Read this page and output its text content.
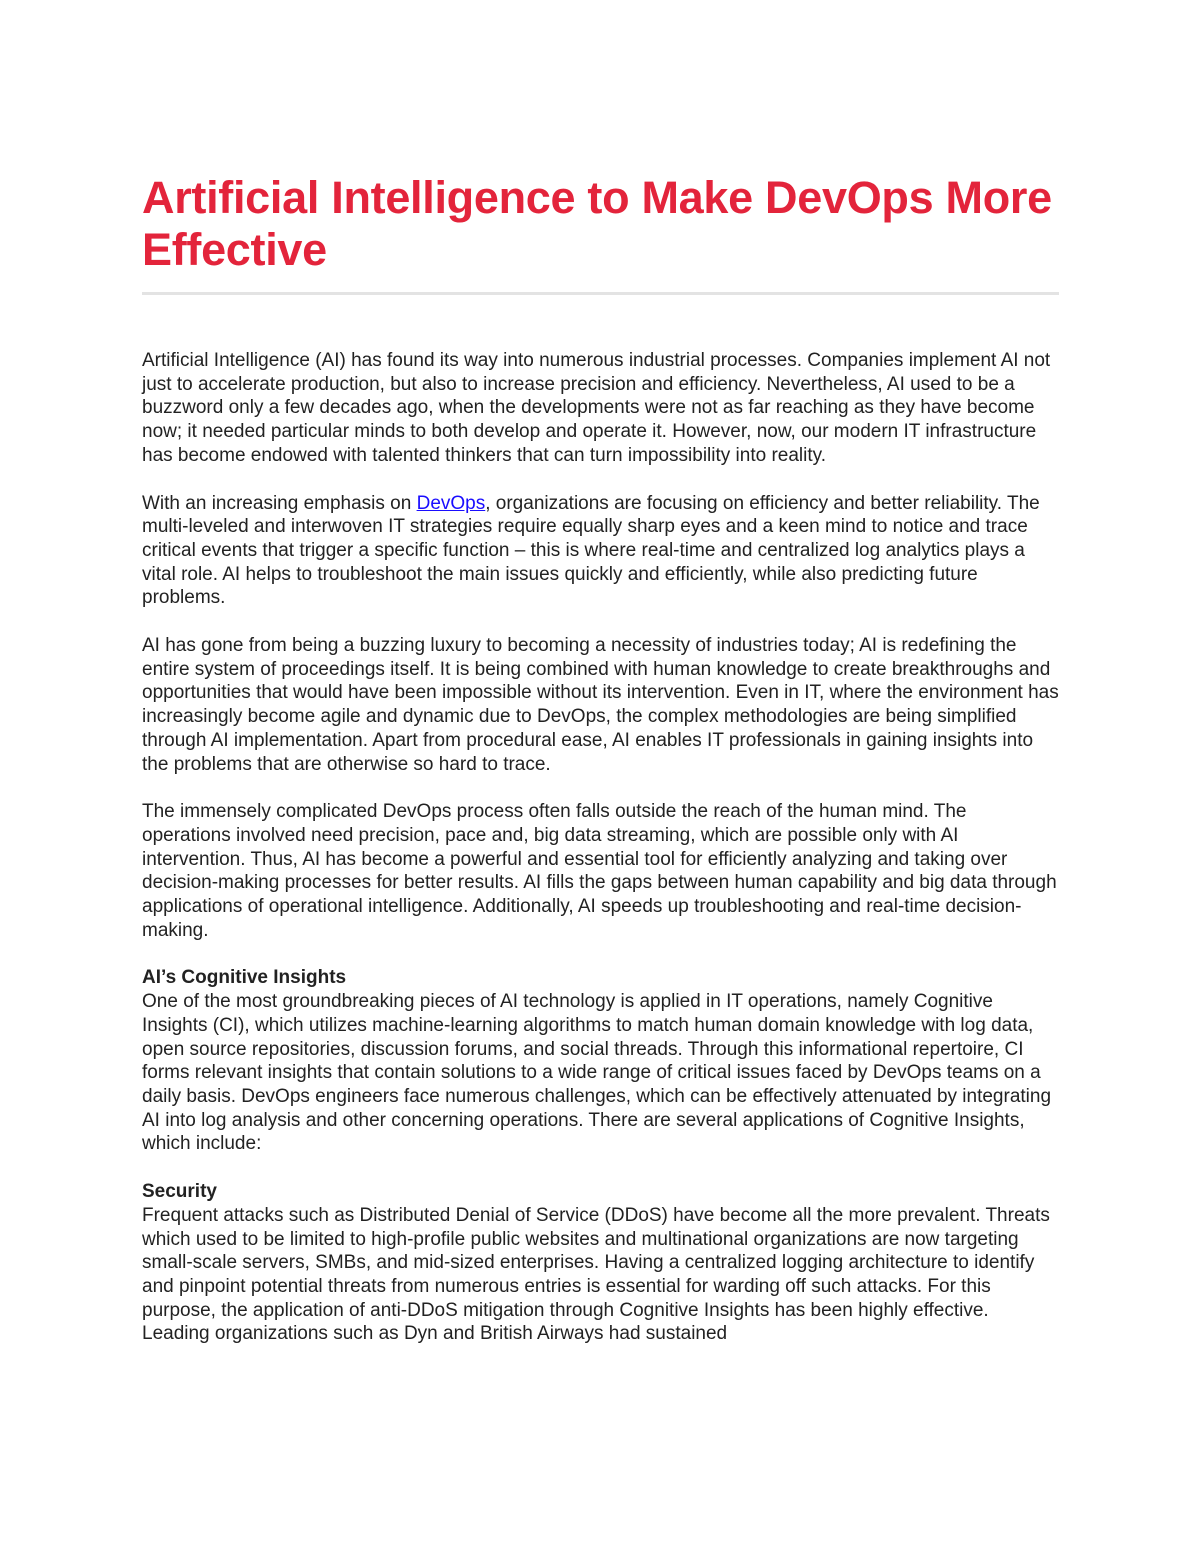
Artificial Intelligence to Make DevOps More Effective

Artificial Intelligence (AI) has found its way into numerous industrial processes. Companies implement AI not just to accelerate production, but also to increase precision and efficiency. Nevertheless, AI used to be a buzzword only a few decades ago, when the developments were not as far reaching as they have become now; it needed particular minds to both develop and operate it. However, now, our modern IT infrastructure has become endowed with talented thinkers that can turn impossibility into reality.

With an increasing emphasis on DevOps, organizations are focusing on efficiency and better reliability. The multi-leveled and interwoven IT strategies require equally sharp eyes and a keen mind to notice and trace critical events that trigger a specific function – this is where real-time and centralized log analytics plays a vital role. AI helps to troubleshoot the main issues quickly and efficiently, while also predicting future problems.

AI has gone from being a buzzing luxury to becoming a necessity of industries today; AI is redefining the entire system of proceedings itself. It is being combined with human knowledge to create breakthroughs and opportunities that would have been impossible without its intervention. Even in IT, where the environment has increasingly become agile and dynamic due to DevOps, the complex methodologies are being simplified through AI implementation. Apart from procedural ease, AI enables IT professionals in gaining insights into the problems that are otherwise so hard to trace.

The immensely complicated DevOps process often falls outside the reach of the human mind. The operations involved need precision, pace and, big data streaming, which are possible only with AI intervention. Thus, AI has become a powerful and essential tool for efficiently analyzing and taking over decision-making processes for better results. AI fills the gaps between human capability and big data through applications of operational intelligence. Additionally, AI speeds up troubleshooting and real-time decision-making.

AI’s Cognitive Insights

One of the most groundbreaking pieces of AI technology is applied in IT operations, namely Cognitive Insights (CI), which utilizes machine-learning algorithms to match human domain knowledge with log data, open source repositories, discussion forums, and social threads. Through this informational repertoire, CI forms relevant insights that contain solutions to a wide range of critical issues faced by DevOps teams on a daily basis. DevOps engineers face numerous challenges, which can be effectively attenuated by integrating AI into log analysis and other concerning operations. There are several applications of Cognitive Insights, which include:

Security

Frequent attacks such as Distributed Denial of Service (DDoS) have become all the more prevalent. Threats which used to be limited to high-profile public websites and multinational organizations are now targeting small-scale servers, SMBs, and mid-sized enterprises. Having a centralized logging architecture to identify and pinpoint potential threats from numerous entries is essential for warding off such attacks. For this purpose, the application of anti-DDoS mitigation through Cognitive Insights has been highly effective. Leading organizations such as Dyn and British Airways had sustained
